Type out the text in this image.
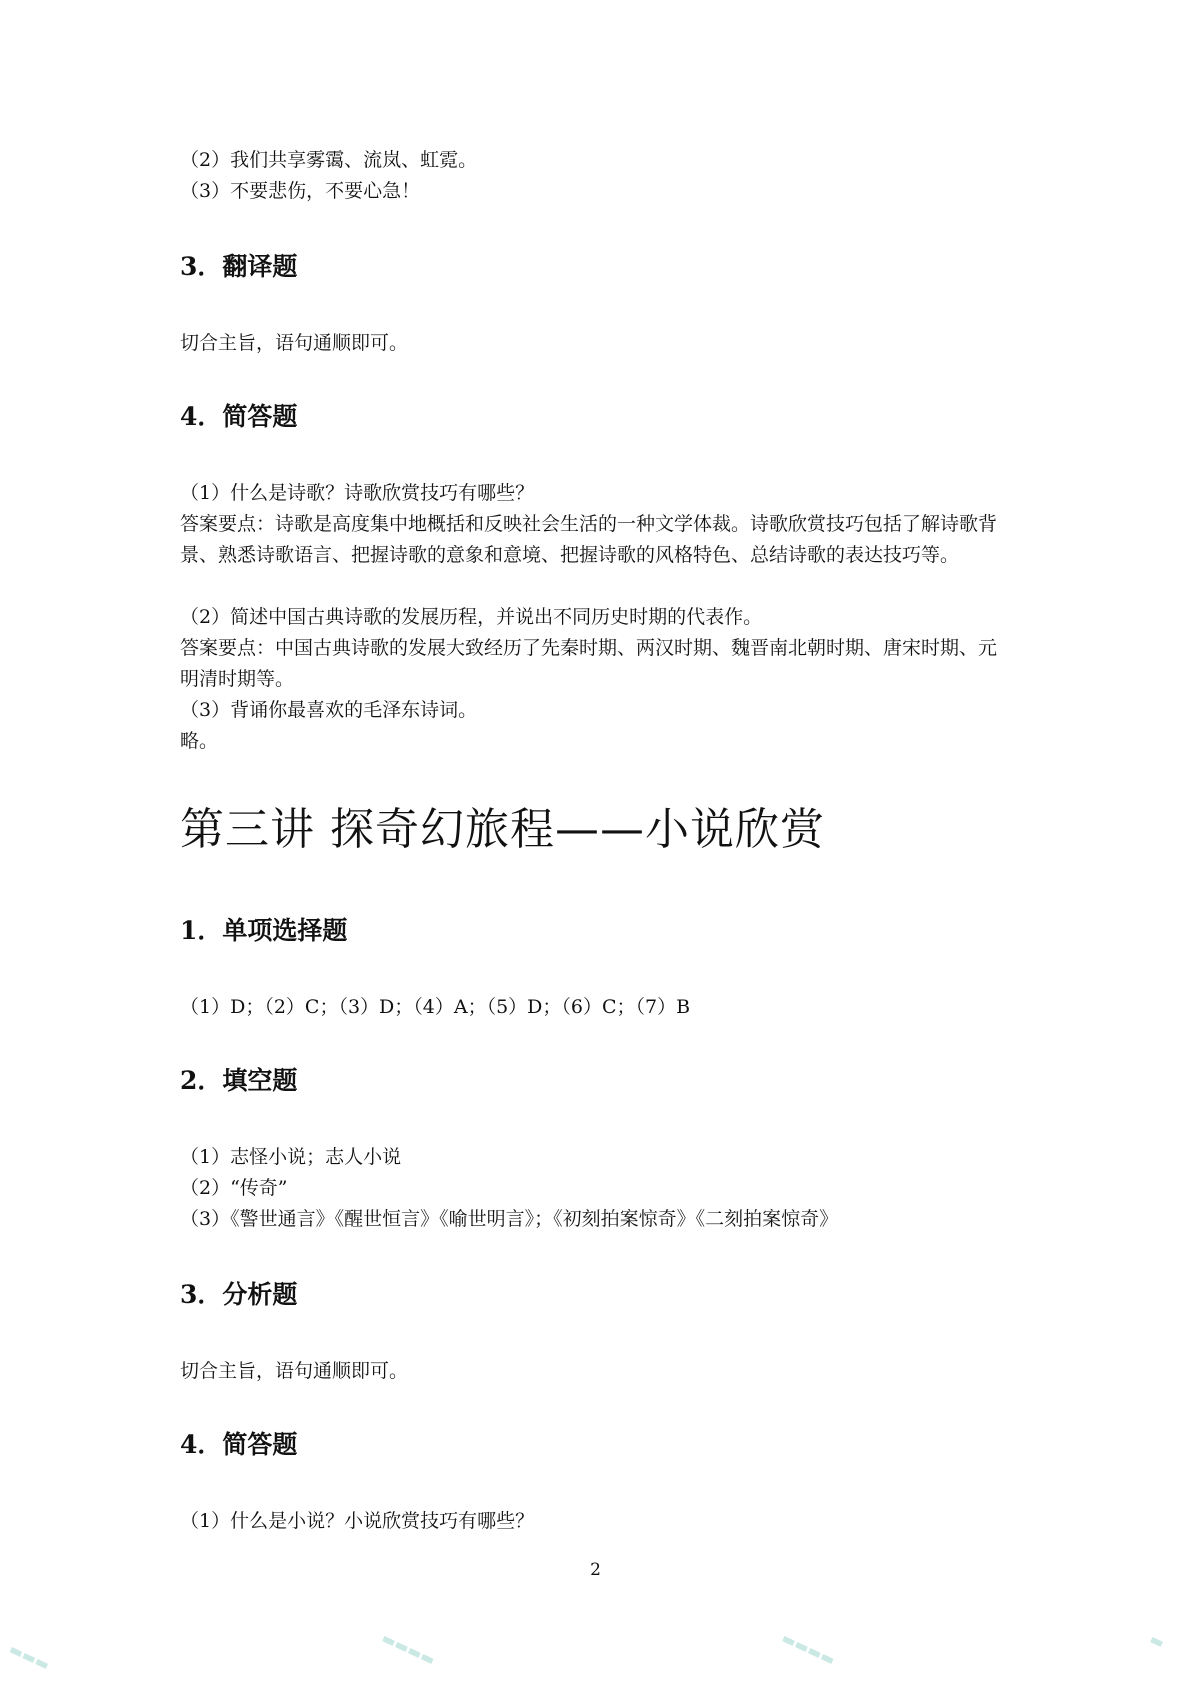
（2）我们共享雾霭、流岚、虹霓。
（3）不要悲伤，不要心急！
3．翻译题
切合主旨，语句通顺即可。
4．简答题
（1）什么是诗歌？诗歌欣赏技巧有哪些？
答案要点：诗歌是高度集中地概括和反映社会生活的一种文学体裁。诗歌欣赏技巧包括了解诗歌背景、熟悉诗歌语言、把握诗歌的意象和意境、把握诗歌的风格特色、总结诗歌的表达技巧等。
（2）简述中国古典诗歌的发展历程，并说出不同历史时期的代表作。
答案要点：中国古典诗歌的发展大致经历了先秦时期、两汉时期、魏晋南北朝时期、唐宋时期、元明清时期等。
（3）背诵你最喜欢的毛泽东诗词。
略。
第三讲 探奇幻旅程——小说欣赏
1．单项选择题
（1）D；（2）C；（3）D；（4）A；（5）D；（6）C；（7）B
2．填空题
（1）志怪小说；志人小说
（2）“传奇”
（3）《警世通言》《醒世恒言》《喻世明言》；《初刻拍案惊奇》《二刻拍案惊奇》
3．分析题
切合主旨，语句通顺即可。
4．简答题
（1）什么是小说？小说欣赏技巧有哪些？
2
▬▬▬	▬▬▬▬	▬▬▬▬	▬
